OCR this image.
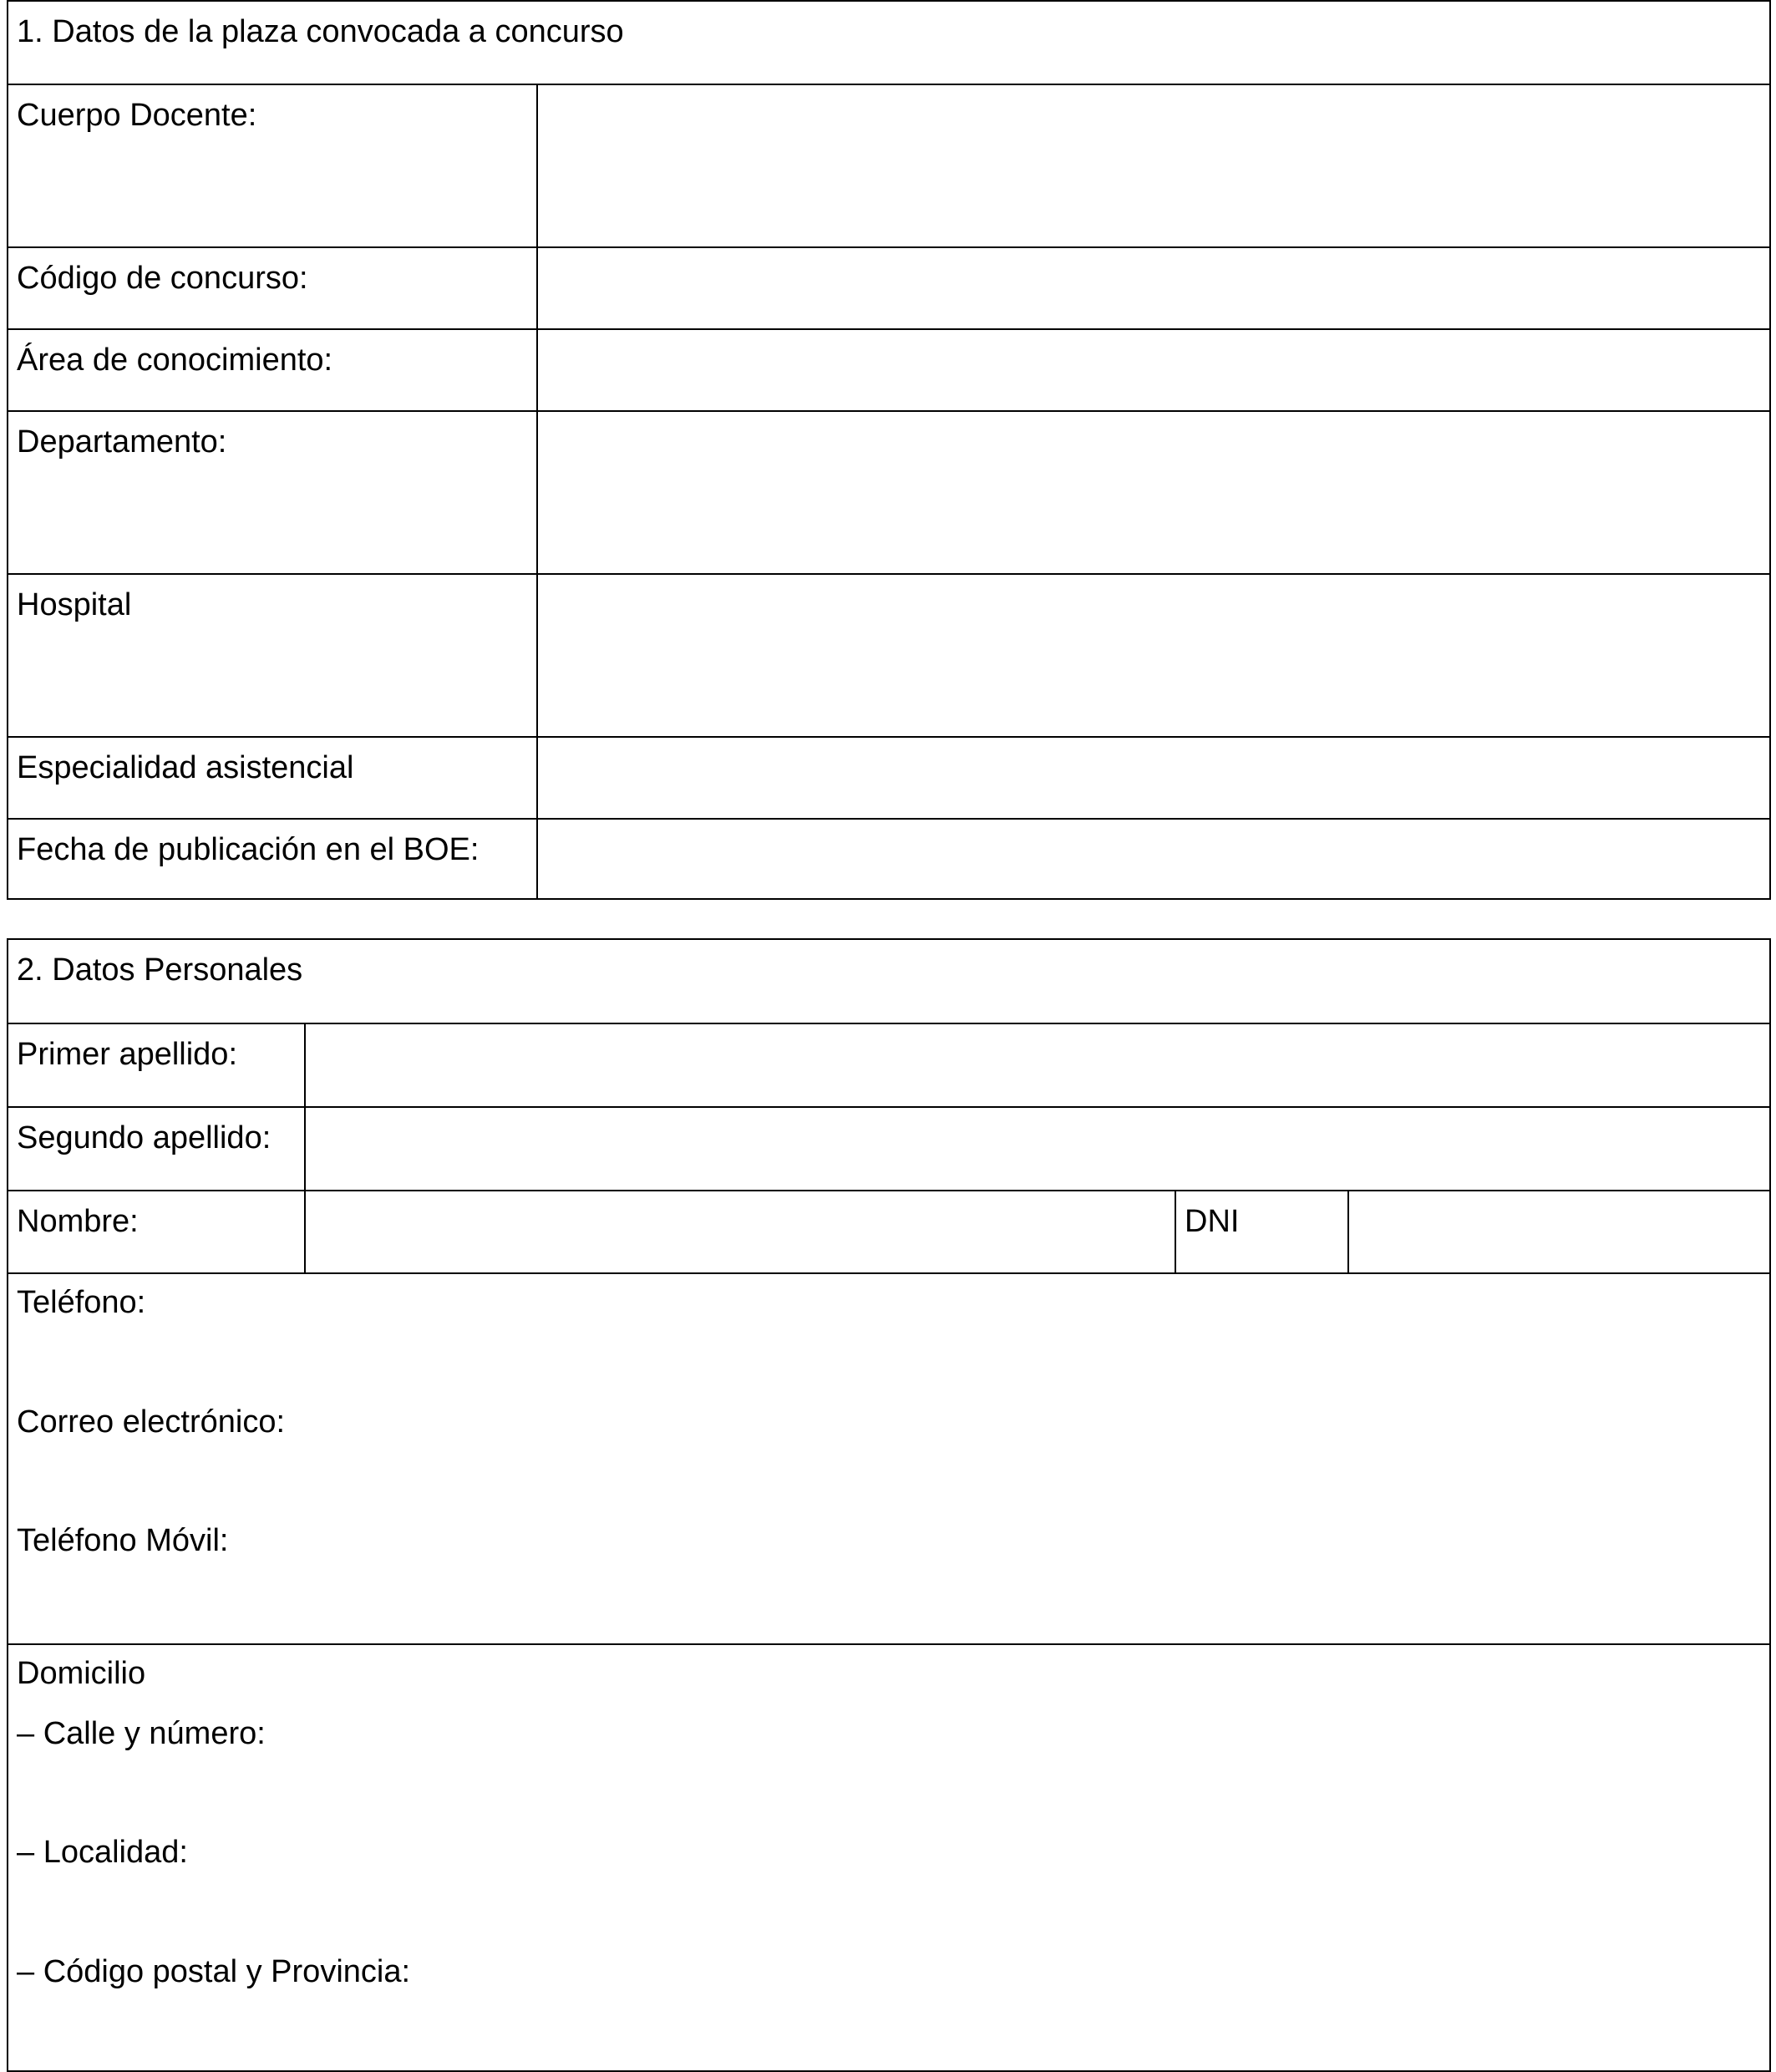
1. Datos de la plaza convocada a concurso
Cuerpo Docente:
Código de concurso:
Área de conocimiento:
Departamento:
Hospital
Especialidad asistencial
Fecha de publicación en el BOE:
2. Datos Personales
Primer apellido:
Segundo apellido:
Nombre:	DNI
Teléfono:
Correo electrónico:
Teléfono Móvil:
Domicilio
– Calle y número:
– Localidad:
– Código postal y Provincia:
